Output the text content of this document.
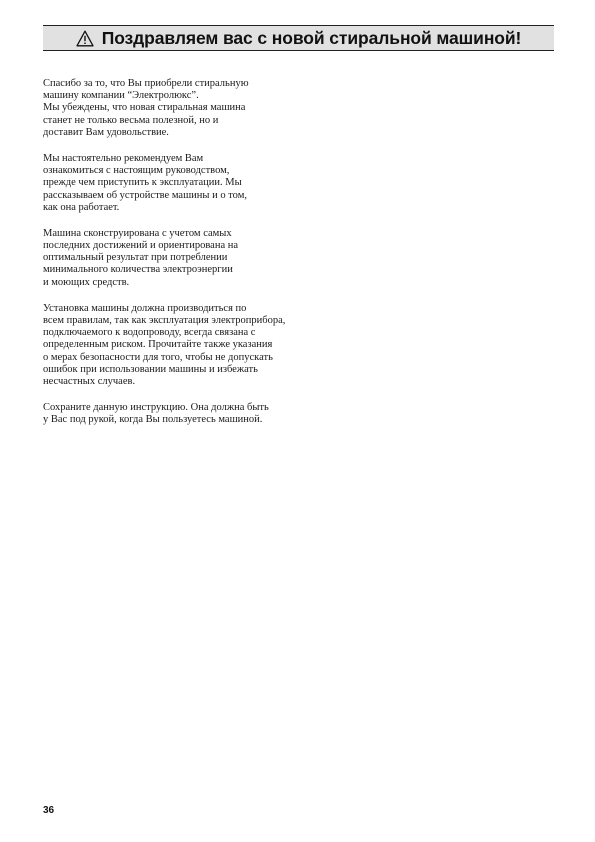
Поздравляем вас с новой стиральной машиной!
Спасибо за то, что Вы приобрели стиральную
машину компании “Электролюкс”.
Мы убеждены, что новая стиральная машина
станет не только весьма полезной, но и
доставит Вам удовольствие.
Мы настоятельно рекомендуем Вам
ознакомиться с настоящим руководством,
прежде чем приступить к эксплуатации. Мы
рассказываем об устройстве машины и о том,
как она работает.
Машина сконструирована с учетом самых
последних достижений и ориентирована на
оптимальный результат при потреблении
минимального количества электроэнергии
и моющих средств.
Установка машины должна производиться по
всем правилам, так как эксплуатация электроприбора,
подключаемого к водопроводу, всегда связана с
определенным риском. Прочитайте также указания
о мерах безопасности для того, чтобы не допускать
ошибок при использовании машины и избежать
несчастных случаев.
Сохраните данную инструкцию. Она должна быть
у Вас под рукой, когда Вы пользуетесь машиной.
36
